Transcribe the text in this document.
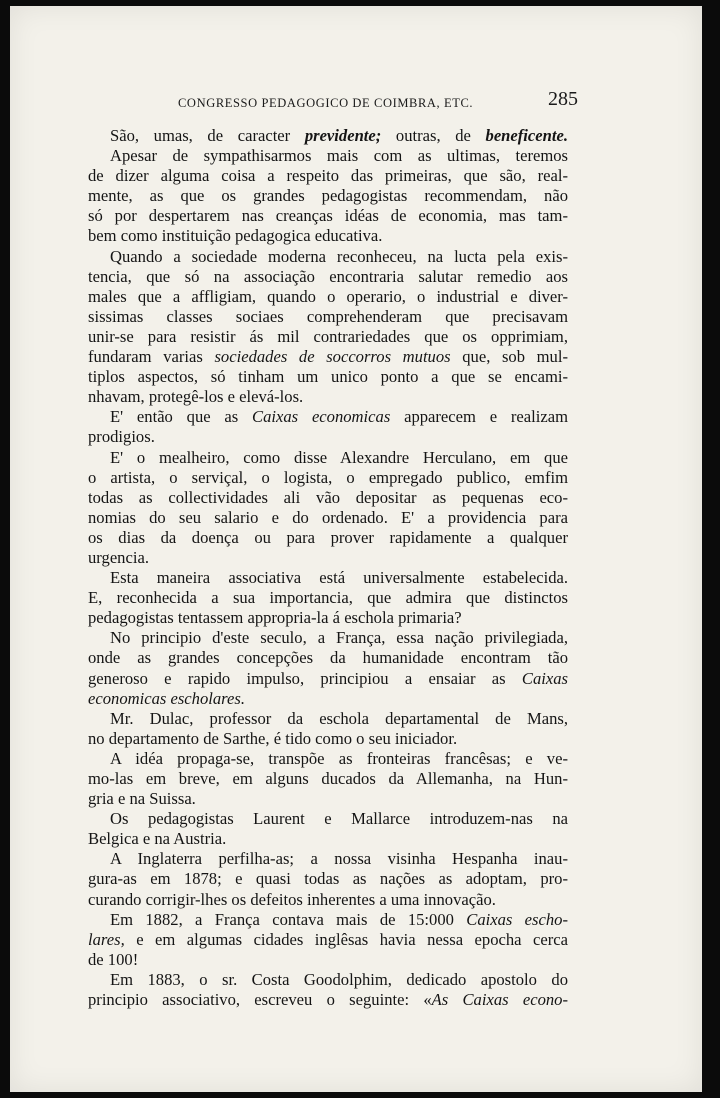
CONGRESSO PEDAGOGICO DE COIMBRA, ETC.	285
São, umas, de caracter previdente; outras, de beneficente.
Apesar de sympathisarmos mais com as ultimas, teremos
de dizer alguma coisa a respeito das primeiras, que são, real-
mente, as que os grandes pedagogistas recommendam, não
só por despertarem nas creanças idéas de economia, mas tam-
bem como instituição pedagogica educativa.
Quando a sociedade moderna reconheceu, na lucta pela exis-
tencia, que só na associação encontraria salutar remedio aos
males que a affligiam, quando o operario, o industrial e diver-
sissimas classes sociaes comprehenderam que precisavam
unir-se para resistir ás mil contrariedades que os opprimiam,
fundaram varias sociedades de soccorros mutuos que, sob mul-
tiplos aspectos, só tinham um unico ponto a que se encami-
nhavam, protegê-los e elevá-los.
E' então que as Caixas economicas apparecem e realizam
prodigios.
E' o mealheiro, como disse Alexandre Herculano, em que
o artista, o serviçal, o logista, o empregado publico, emfim
todas as collectividades ali vão depositar as pequenas eco-
nomias do seu salario e do ordenado. E' a providencia para
os dias da doença ou para prover rapidamente a qualquer
urgencia.
Esta maneira associativa está universalmente estabelecida.
E, reconhecida a sua importancia, que admira que distinctos
pedagogistas tentassem appropria-la á eschola primaria?
No principio d'este seculo, a França, essa nação privilegiada,
onde as grandes concepções da humanidade encontram tão
generoso e rapido impulso, principiou a ensaiar as Caixas
economicas escholares.
Mr. Dulac, professor da eschola departamental de Mans,
no departamento de Sarthe, é tido como o seu iniciador.
A idéa propaga-se, transpõe as fronteiras francêsas; e ve-
mo-las em breve, em alguns ducados da Allemanha, na Hun-
gria e na Suissa.
Os pedagogistas Laurent e Mallarce introduzem-nas na
Belgica e na Austria.
A Inglaterra perfilha-as; a nossa visinha Hespanha inau-
gura-as em 1878; e quasi todas as nações as adoptam, pro-
curando corrigir-lhes os defeitos inherentes a uma innovação.
Em 1882, a França contava mais de 15:000 Caixas escho-
lares, e em algumas cidades inglêsas havia nessa epocha cerca
de 100!
Em 1883, o sr. Costa Goodolphim, dedicado apostolo do
principio associativo, escreveu o seguinte: «As Caixas econo-
